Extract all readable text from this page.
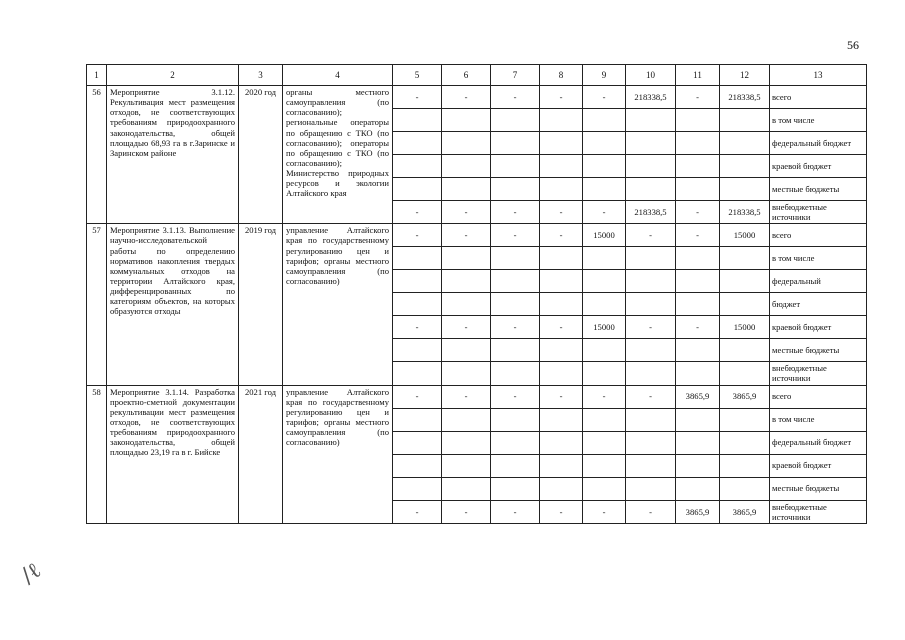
56
1	2	3	4	5	6	7	8	9	10	11	12	13
56	Мероприятие 3.1.12. Рекультивация мест размещения отходов, не соответствующих требованиям природоохранного законодательства, общей площадью 68,93 га в г.Заринске и Заринском районе	2020 год	органы местного самоуправления (по согласованию); региональные операторы по обращению с ТКО (по согласованию); операторы по обращению с ТКО (по согласованию); Министерство природных ресурсов и экологии Алтайского края	-	-	-	-	-	218338,5	-	218338,5	всего
												в том числе
												федеральный бюджет
												краевой бюджет
												местные бюджеты
				-	-	-	-	-	218338,5	-	218338,5	внебюджетные источники
57	Мероприятие 3.1.13. Выполнение научно-исследовательской работы по определению нормативов накопления твердых коммунальных отходов на территории Алтайского края, дифференцированных по категориям объектов, на которых образуются отходы	2019 год	управление Алтайского края по государственному регулированию цен и тарифов; органы местного самоуправления (по согласованию)	-	-	-	-	15000	-	-	15000	всего
												в том числе
												федеральный
												бюджет
				-	-	-	-	15000	-	-	15000	краевой бюджет
												местные бюджеты
												внебюджетные источники
58	Мероприятие 3.1.14. Разработка проектно-сметной документации рекультивации мест размещения отходов, не соответствующих требованиям природоохранного законодательства, общей площадью 23,19 га в г. Бийске	2021 год	управление Алтайского края по государственному регулированию цен и тарифов; органы местного самоуправления (по согласованию)	-	-	-	-	-	-	3865,9	3865,9	всего
												в том числе
												федеральный бюджет
												краевой бюджет
												местные бюджеты
				-	-	-	-	-	-	3865,9	3865,9	внебюджетные источники
∕ℓ
